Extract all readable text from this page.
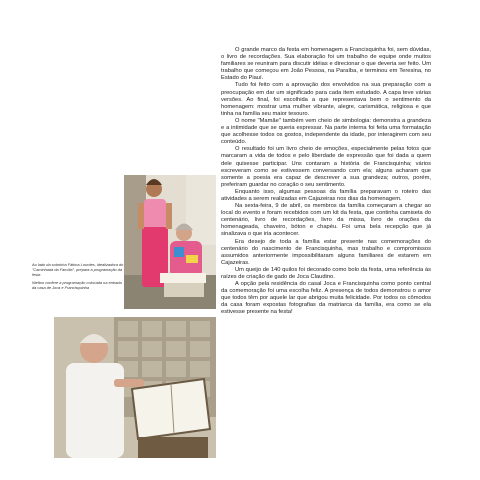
Ao lado da sobrinha Fátima Lourdes, idealizadora do "Caminhada da Família", prepara a programação da festa

Nielton confere a programação colocada na entrada da casa de Joca e Francisquinha

O grande marco da festa em homenagem a Francisquinha foi, sem dúvidas, o livro de recordações. Sua elaboração foi um trabalho de equipe onde muitos familiares se reuniram para discutir idéias e direcionar o que deveria ser feito. Um trabalho que começou em João Pessoa, na Paraíba, e terminou em Teresina, no Estado do Piauí.

Tudo foi feito com a aprovação dos envolvidos na sua preparação com a preocupação em dar um significado para cada item estudado. A capa teve várias versões. Ao final, foi escolhida a que representava bem o sentimento da homenagem: mostrar uma mulher vibrante, alegre, carismática, religiosa e que tinha na família seu maior tesouro.

O nome "Mamãe" também vem cheio de simbologia: demonstra a grandeza e a intimidade que se queria expressar. Na parte interna foi feita uma formatação que acolhesse todos os gostos, independente da idade, por interagirem com seu conteúdo.

O resultado foi um livro cheio de emoções, especialmente pelas fotos que marcaram a vida de todos e pelo liberdade de expressão que foi dada a quem dele quisesse participar. Uns contaram a história de Francisquinha; vários escreveram como se estivessem conversando com ela; alguns acharam que somente a poesia era capaz de descrever a sua grandeza; outros, porém, preferiram guardar no coração o seu sentimento.

Enquanto isso, algumas pessoas da família preparavam o roteiro das atividades a serem realizadas em Cajazeiras nos dias da homenagem.

Na sexta-feira, 9 de abril, os membros da família começaram a chegar ao local do evento e foram recebidos com um kit da festa, que continha camiseta do centenário, livro de recordações, livro da missa, livro de orações da homenageada, chaveiro, bóton e chapéu. Foi uma bela recepção que já sinalizava o que iria acontecer.

Era desejo de toda a família estar presente nas comemorações do centenário do nascimento de Francisquinha, mas trabalho e compromissos assumidos anteriormente impossibilitaram alguns familiares de estarem em Cajazeiras.

Um queijo de 140 quilos foi decorado como bolo da festa, uma referência às raízes de criação de gado de Joca Claudino.

A opção pela residência do casal Joca e Francisquinha como ponto central da comemoração foi uma escolha feliz. A presença de todos demonstrou o amor que todos têm por aquele lar que abrigou muita felicidade. Por todos os cômodos da casa foram expostas fotografias da matriarca da família, era como se ela estivesse presente na festa!
